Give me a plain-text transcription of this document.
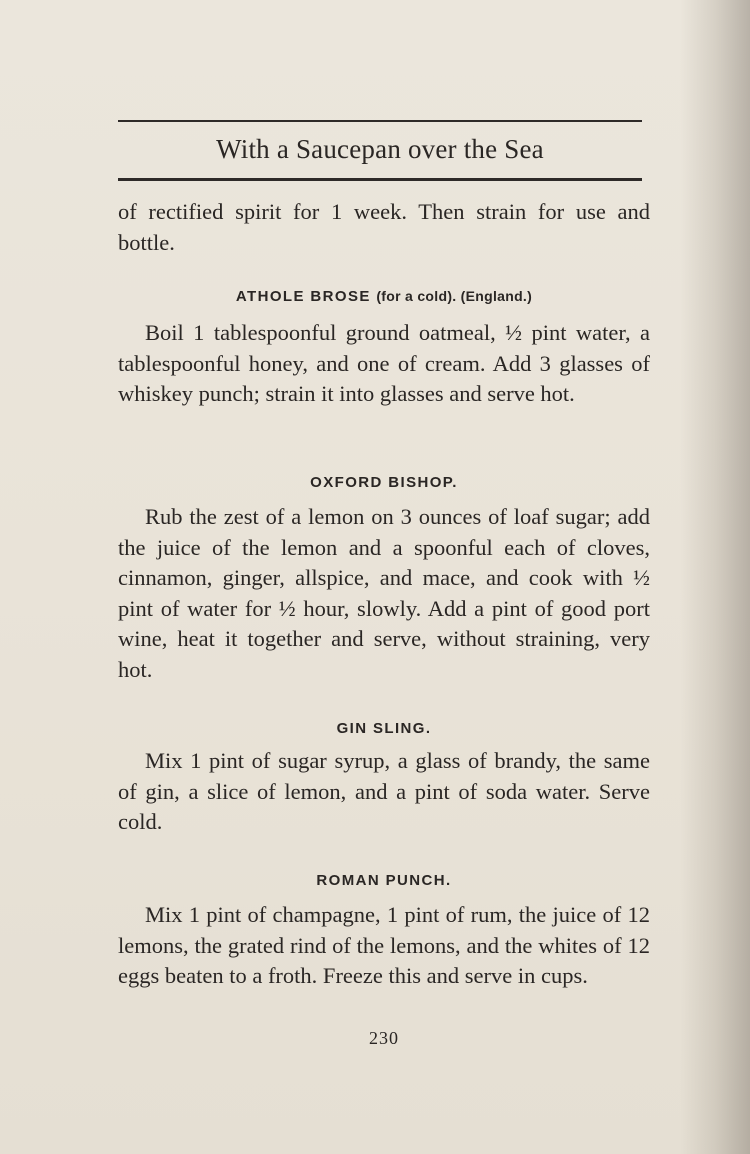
With a Saucepan over the Sea
of rectified spirit for 1 week. Then strain for use and bottle.
ATHOLE BROSE (for a cold). (England.)
Boil 1 tablespoonful ground oatmeal, ½ pint water, a tablespoonful honey, and one of cream. Add 3 glasses of whiskey punch; strain it into glasses and serve hot.
OXFORD BISHOP.
Rub the zest of a lemon on 3 ounces of loaf sugar; add the juice of the lemon and a spoonful each of cloves, cinnamon, ginger, allspice, and mace, and cook with ½ pint of water for ½ hour, slowly. Add a pint of good port wine, heat it together and serve, without straining, very hot.
GIN SLING.
Mix 1 pint of sugar syrup, a glass of brandy, the same of gin, a slice of lemon, and a pint of soda water. Serve cold.
ROMAN PUNCH.
Mix 1 pint of champagne, 1 pint of rum, the juice of 12 lemons, the grated rind of the lemons, and the whites of 12 eggs beaten to a froth. Freeze this and serve in cups.
230
